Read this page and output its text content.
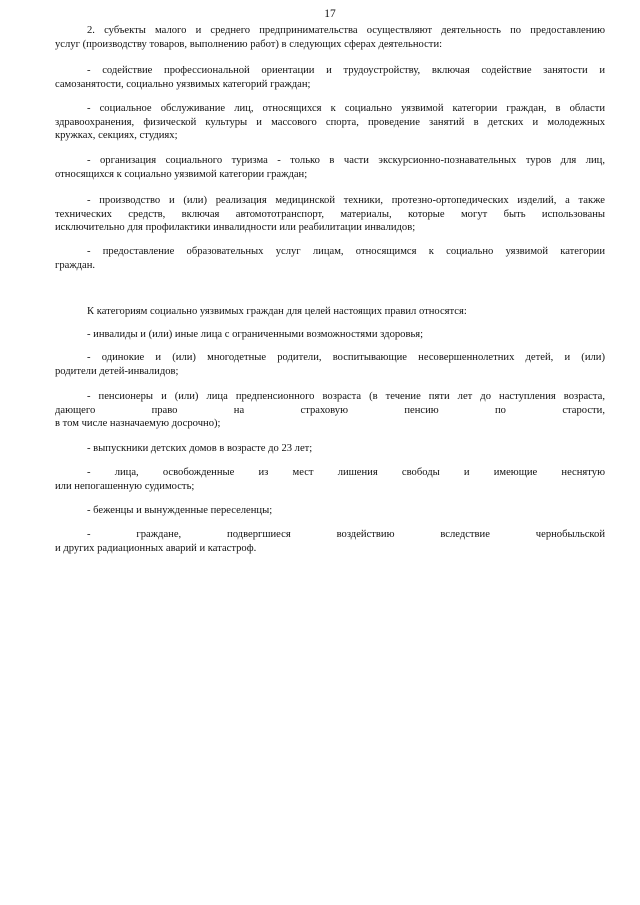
17
2. субъекты малого и среднего предпринимательства осуществляют деятельность по предоставлению
услуг (производству товаров, выполнению работ) в следующих сферах деятельности:
- содействие профессиональной ориентации и трудоустройству, включая содействие занятости и
самозанятости, социально уязвимых категорий граждан;
- социальное обслуживание лиц, относящихся к социально уязвимой категории граждан, в области
здравоохранения, физической культуры и массового спорта, проведение занятий в детских и молодежных
кружках, секциях, студиях;
- организация социального туризма - только в части экскурсионно-познавательных туров для лиц,
относящихся к социально уязвимой категории граждан;
- производство и (или) реализация медицинской техники, протезно-ортопедических изделий, а также
технических средств, включая автомототранспорт, материалы, которые могут быть использованы
исключительно для профилактики инвалидности или реабилитации инвалидов;
- предоставление образовательных услуг лицам, относящимся к социально уязвимой категории
граждан.
К категориям социально уязвимых граждан для целей настоящих правил относятся:
- инвалиды и (или) иные лица с ограниченными возможностями здоровья;
- одинокие и (или) многодетные родители, воспитывающие несовершеннолетних детей, и (или)
родители детей-инвалидов;
- пенсионеры и (или) лица предпенсионного возраста (в течение пяти лет до наступления возраста,
дающего право на страховую пенсию по старости,
в том числе назначаемую досрочно);
- выпускники детских домов в возрасте до 23 лет;
- лица, освобожденные из мест лишения свободы и имеющие неснятую
или непогашенную судимость;
- беженцы и вынужденные переселенцы;
- граждане, подвергшиеся воздействию вследствие чернобыльской
и других радиационных аварий и катастроф.
